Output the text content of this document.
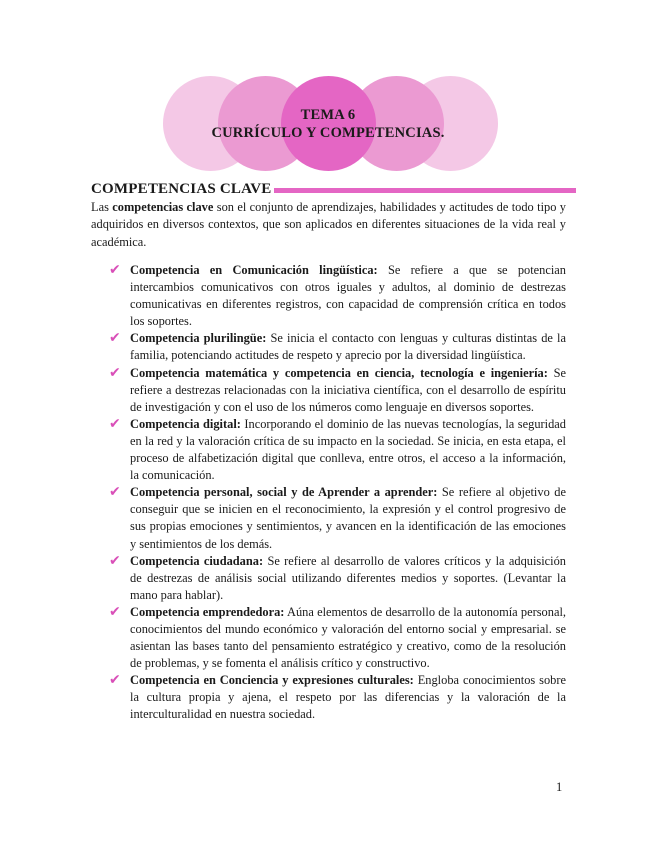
TEMA 6
CURRÍCULO Y COMPETENCIAS.
COMPETENCIAS CLAVE

Las competencias clave son el conjunto de aprendizajes, habilidades y actitudes de todo tipo y adquiridos en diversos contextos, que son aplicados en diferentes situaciones de la vida real y académica.

✔ Competencia en Comunicación lingüística: Se refiere a que se potencian intercambios comunicativos con otros iguales y adultos, al dominio de destrezas comunicativas en diferentes registros, con capacidad de comprensión crítica en todos los soportes.
✔ Competencia plurilingüe: Se inicia el contacto con lenguas y culturas distintas de la familia, potenciando actitudes de respeto y aprecio por la diversidad lingüística.
✔ Competencia matemática y competencia en ciencia, tecnología e ingeniería: Se refiere a destrezas relacionadas con la iniciativa científica, con el desarrollo de espíritu de investigación y con el uso de los números como lenguaje en diversos soportes.
✔ Competencia digital: Incorporando el dominio de las nuevas tecnologías, la seguridad en la red y la valoración crítica de su impacto en la sociedad. Se inicia, en esta etapa, el proceso de alfabetización digital que conlleva, entre otros, el acceso a la información, la comunicación.
✔ Competencia personal, social y de Aprender a aprender: Se refiere al objetivo de conseguir que se inicien en el reconocimiento, la expresión y el control progresivo de sus propias emociones y sentimientos, y avancen en la identificación de las emociones y sentimientos de los demás.
✔ Competencia ciudadana: Se refiere al desarrollo de valores críticos y la adquisición de destrezas de análisis social utilizando diferentes medios y soportes. (Levantar la mano para hablar).
✔ Competencia emprendedora: Aúna elementos de desarrollo de la autonomía personal, conocimientos del mundo económico y valoración del entorno social y empresarial. se asientan las bases tanto del pensamiento estratégico y creativo, como de la resolución de problemas, y se fomenta el análisis crítico y constructivo.
✔ Competencia en Conciencia y expresiones culturales: Engloba conocimientos sobre la cultura propia y ajena, el respeto por las diferencias y la valoración de la interculturalidad en nuestra sociedad.
1
